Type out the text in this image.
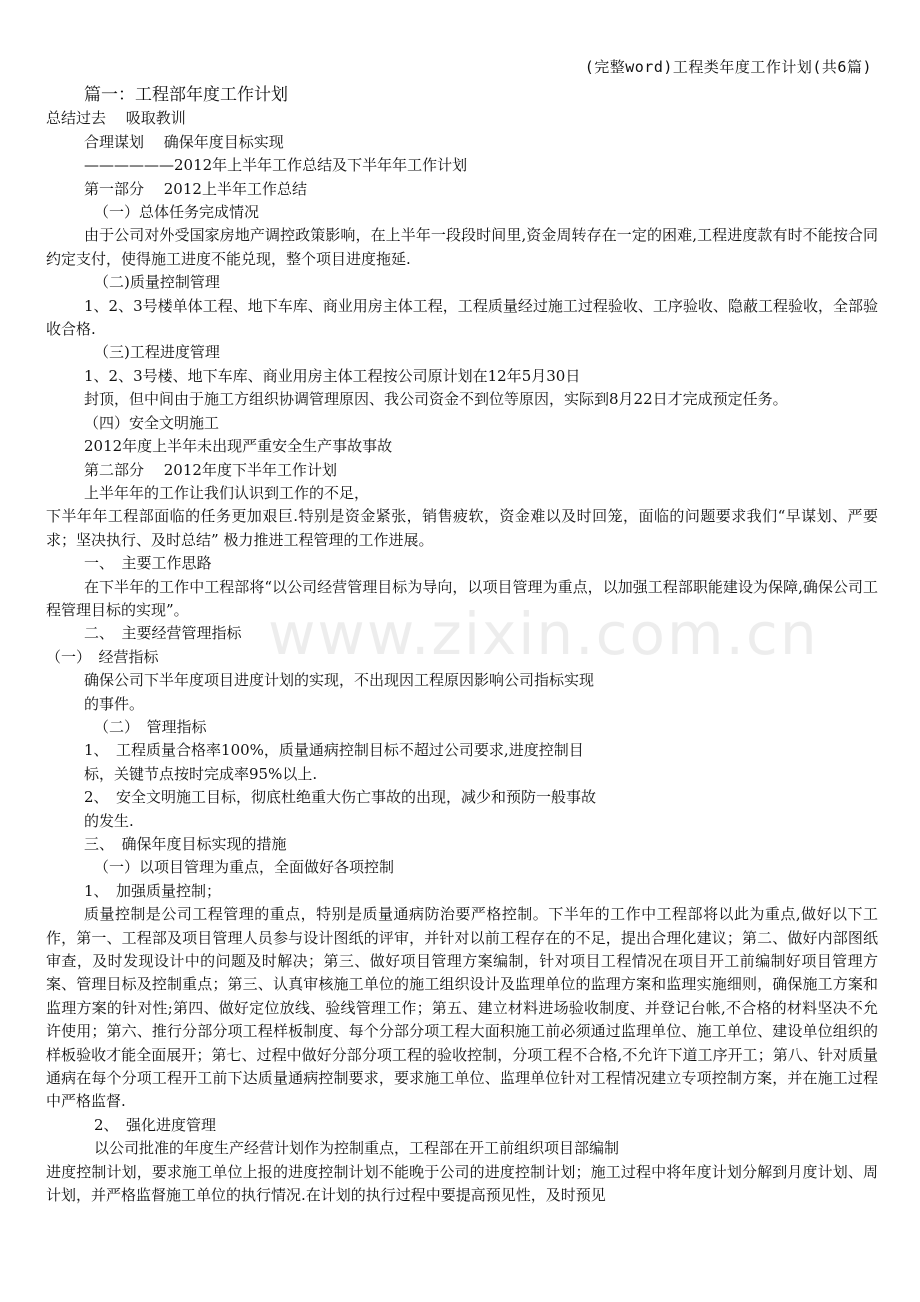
(完整word)工程类年度工作计划(共6篇)
www.zixin.com.cn
篇一：工程部年度工作计划
总结过去　 吸取教训
合理谋划　 确保年度目标实现
——————2012年上半年工作总结及下半年年工作计划
第一部分　 2012上半年工作总结
（一）总体任务完成情况
由于公司对外受国家房地产调控政策影响，在上半年一段段时间里,资金周转存在一定的困难,工程进度款有时不能按合同约定支付，使得施工进度不能兑现，整个项目进度拖延.
（二)质量控制管理
1、2、3号楼单体工程、地下车库、商业用房主体工程，工程质量经过施工过程验收、工序验收、隐蔽工程验收，全部验收合格.
（三)工程进度管理
1、2、3号楼、地下车库、商业用房主体工程按公司原计划在12年5月30日
封顶，但中间由于施工方组织协调管理原因、我公司资金不到位等原因，实际到8月22日才完成预定任务。
（四）安全文明施工
2012年度上半年未出现严重安全生产事故事故
第二部分　 2012年度下半年工作计划
上半年年的工作让我们认识到工作的不足，
下半年年工程部面临的任务更加艰巨.特别是资金紧张，销售疲软，资金难以及时回笼，面临的问题要求我们“早谋划、严要求；坚决执行、及时总结” 极力推进工程管理的工作进展。
一、　主要工作思路
在下半年的工作中工程部将“以公司经营管理目标为导向，以项目管理为重点，以加强工程部职能建设为保障,确保公司工程管理目标的实现”。
二、　主要经营管理指标
（一）　经营指标
确保公司下半年度项目进度计划的实现，不出现因工程原因影响公司指标实现
的事件。
（二）　管理指标
1、　工程质量合格率100%，质量通病控制目标不超过公司要求,进度控制目
标，关键节点按时完成率95%以上.
2、　安全文明施工目标，彻底杜绝重大伤亡事故的出现，减少和预防一般事故
的发生.
三、　确保年度目标实现的措施
（一）以项目管理为重点，全面做好各项控制
1、　加强质量控制；
质量控制是公司工程管理的重点，特别是质量通病防治要严格控制。下半年的工作中工程部将以此为重点,做好以下工作，第一、工程部及项目管理人员参与设计图纸的评审，并针对以前工程存在的不足，提出合理化建议；第二、做好内部图纸审查，及时发现设计中的问题及时解决；第三、做好项目管理方案编制，针对项目工程情况在项目开工前编制好项目管理方案、管理目标及控制重点；第三、认真审核施工单位的施工组织设计及监理单位的监理方案和监理实施细则，确保施工方案和监理方案的针对性;第四、做好定位放线、验线管理工作；第五、建立材料进场验收制度、并登记台帐,不合格的材料坚决不允许使用；第六、推行分部分项工程样板制度、每个分部分项工程大面积施工前必须通过监理单位、施工单位、建设单位组织的样板验收才能全面展开；第七、过程中做好分部分项工程的验收控制，分项工程不合格,不允许下道工序开工；第八、针对质量通病在每个分项工程开工前下达质量通病控制要求，要求施工单位、监理单位针对工程情况建立专项控制方案，并在施工过程中严格监督.
2、　强化进度管理
以公司批准的年度生产经营计划作为控制重点，工程部在开工前组织项目部编制
进度控制计划，要求施工单位上报的进度控制计划不能晚于公司的进度控制计划；施工过程中将年度计划分解到月度计划、周计划，并严格监督施工单位的执行情况.在计划的执行过程中要提高预见性，及时预见
